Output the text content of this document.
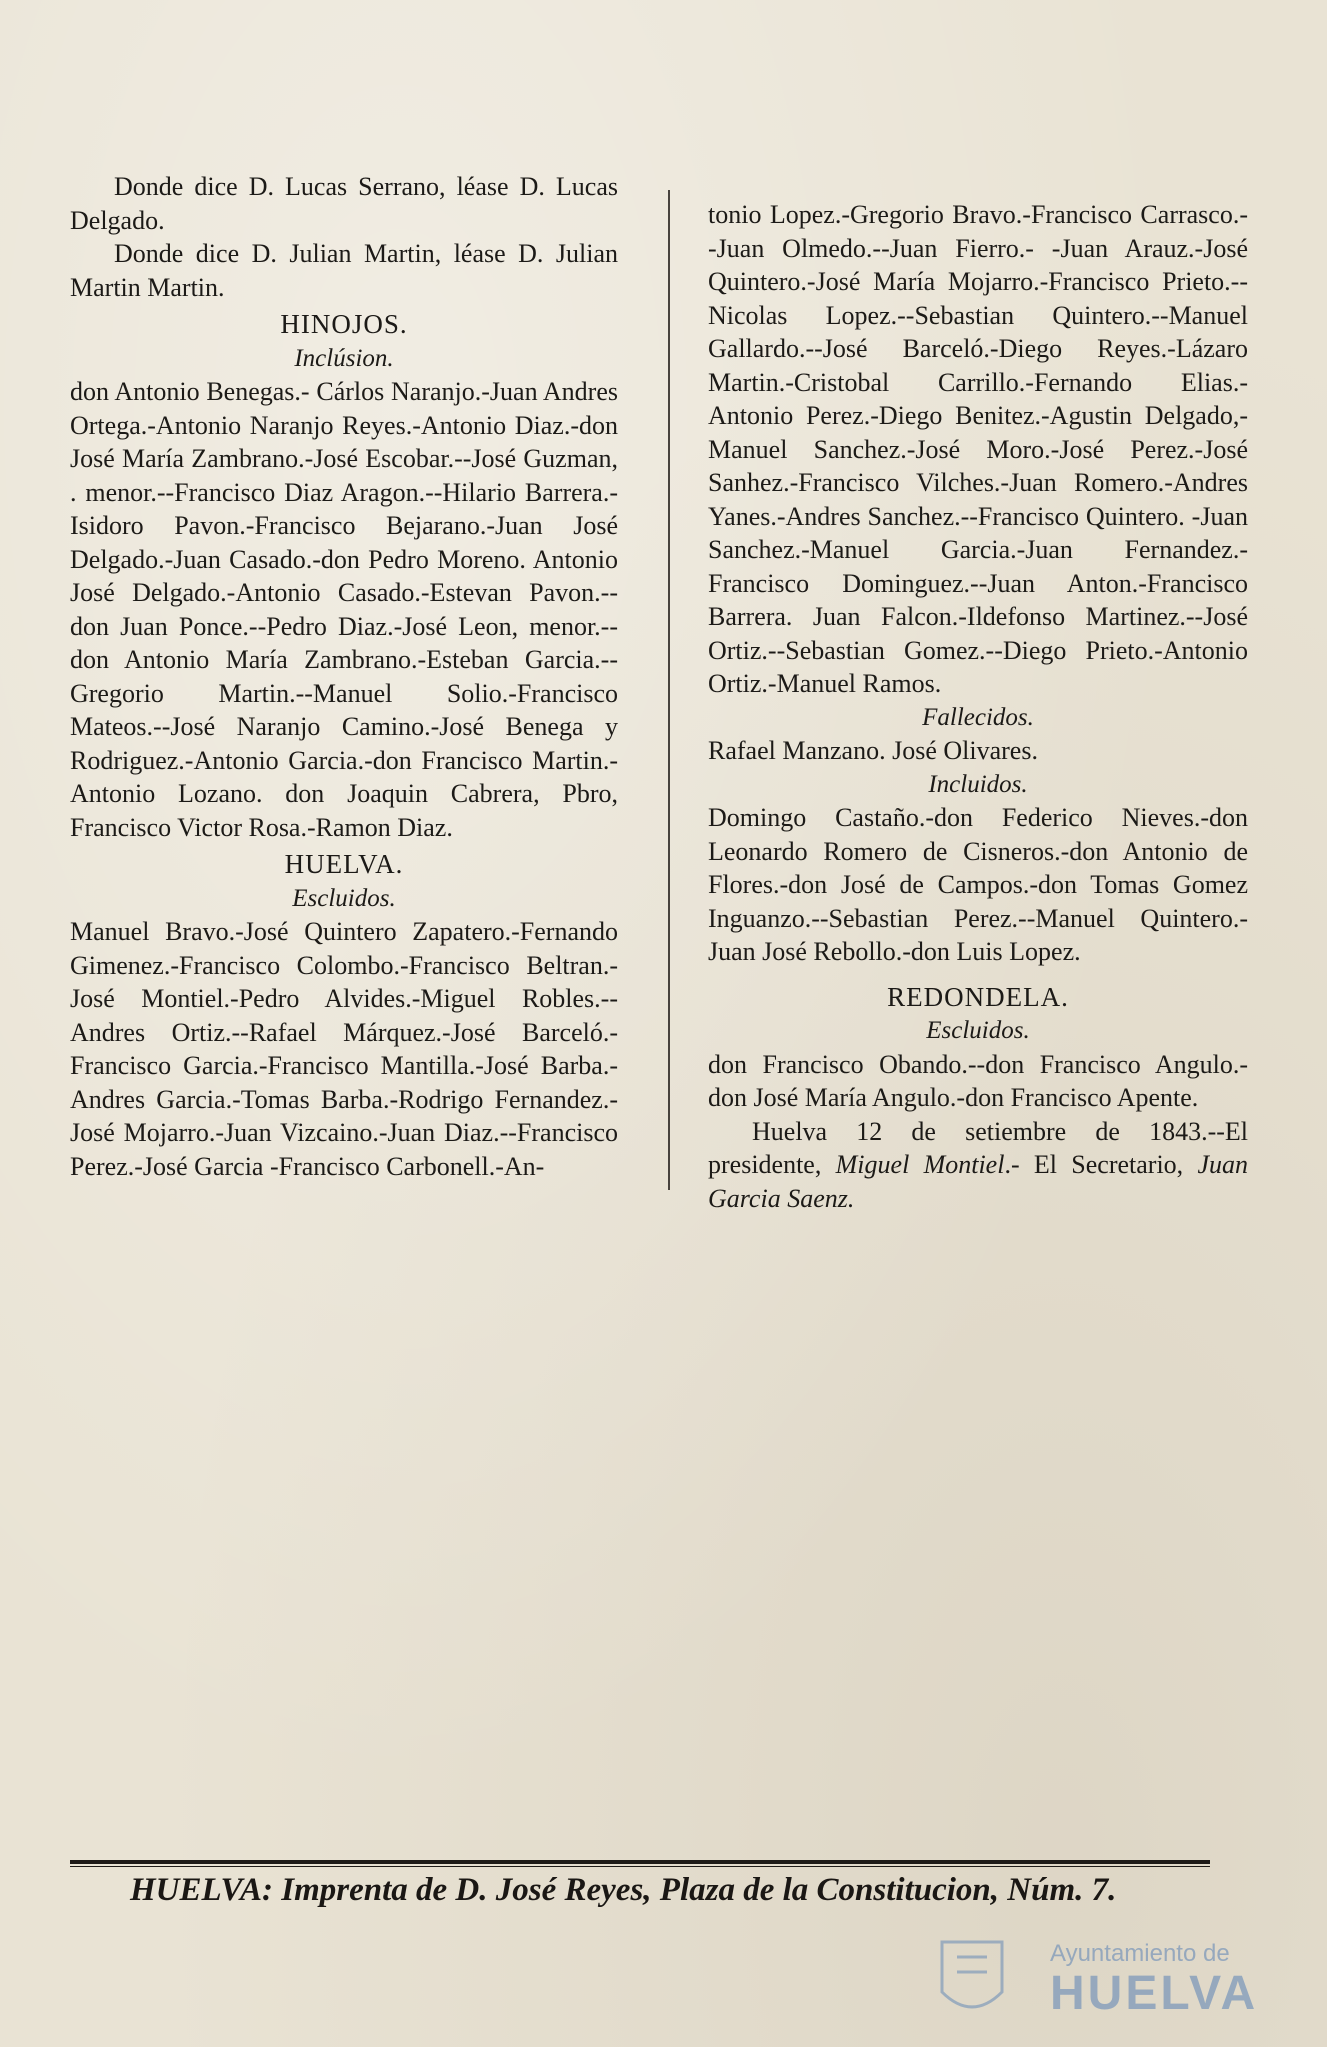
Donde dice D. Lucas Serrano, léase D. Lucas Delgado.

Donde dice D. Julian Martin, léase D. Julian Martin Martin.

HINOJOS.

Inclúsion.

don Antonio Benegas.- Cárlos Naranjo.-Juan Andres Ortega.-Antonio Naranjo Reyes.-Antonio Diaz.-don José María Zambrano.-José Escobar.--José Guzman, . menor.--Francisco Diaz Aragon.--Hilario Barrera.- Isidoro Pavon.-Francisco Bejarano.-Juan José Delgado.-Juan Casado.-don Pedro Moreno. Antonio José Delgado.-Antonio Casado.-Estevan Pavon.--don Juan Ponce.--Pedro Diaz.-José Leon, menor.--don Antonio María Zambrano.-Esteban Garcia.--Gregorio Martin.--Manuel Solio.-Francisco Mateos.--José Naranjo Camino.-José Benega y Rodriguez.-Antonio Garcia.-don Francisco Martin.-Antonio Lozano. don Joaquin Cabrera, Pbro, Francisco Victor Rosa.-Ramon Diaz.

HUELVA.

Escluidos.

Manuel Bravo.-José Quintero Zapatero.-Fernando Gimenez.-Francisco Colombo.-Francisco Beltran.-José Montiel.-Pedro Alvides.-Miguel Robles.--Andres Ortiz.--Rafael Márquez.-José Barceló.-Francisco Garcia.-Francisco Mantilla.-José Barba.-Andres Garcia.-Tomas Barba.-Rodrigo Fernandez.-José Mojarro.-Juan Vizcaino.-Juan Diaz.--Francisco Perez.-José Garcia -Francisco Carbonell.-An-

tonio Lopez.-Gregorio Bravo.-Francisco Carrasco.--Juan Olmedo.--Juan Fierro.- -Juan Arauz.-José Quintero.-José María Mojarro.-Francisco Prieto.--Nicolas Lopez.--Sebastian Quintero.--Manuel Gallardo.--José Barceló.-Diego Reyes.-Lázaro Martin.-Cristobal Carrillo.-Fernando Elias.-Antonio Perez.-Diego Benitez.-Agustin Delgado,-Manuel Sanchez.-José Moro.-José Perez.-José Sanhez.-Francisco Vilches.-Juan Romero.-Andres Yanes.-Andres Sanchez.--Francisco Quintero. -Juan Sanchez.-Manuel Garcia.-Juan Fernandez.-Francisco Dominguez.--Juan Anton.-Francisco Barrera. Juan Falcon.-Ildefonso Martinez.--José Ortiz.--Sebastian Gomez.--Diego Prieto.-Antonio Ortiz.-Manuel Ramos.

Fallecidos.

Rafael Manzano. José Olivares.

Incluidos.

Domingo Castaño.-don Federico Nieves.-don Leonardo Romero de Cisneros.-don Antonio de Flores.-don José de Campos.-don Tomas Gomez Inguanzo.--Sebastian Perez.--Manuel Quintero.-Juan José Rebollo.-don Luis Lopez.

REDONDELA.

Escluidos.

don Francisco Obando.--don Francisco Angulo.-don José María Angulo.-don Francisco Apente.

Huelva 12 de setiembre de 1843.--El presidente, Miguel Montiel.- El Secretario, Juan Garcia Saenz.

HUELVA: Imprenta de D. José Reyes, Plaza de la Constitucion, Núm. 7.
Ayuntamiento de
HUELVA
